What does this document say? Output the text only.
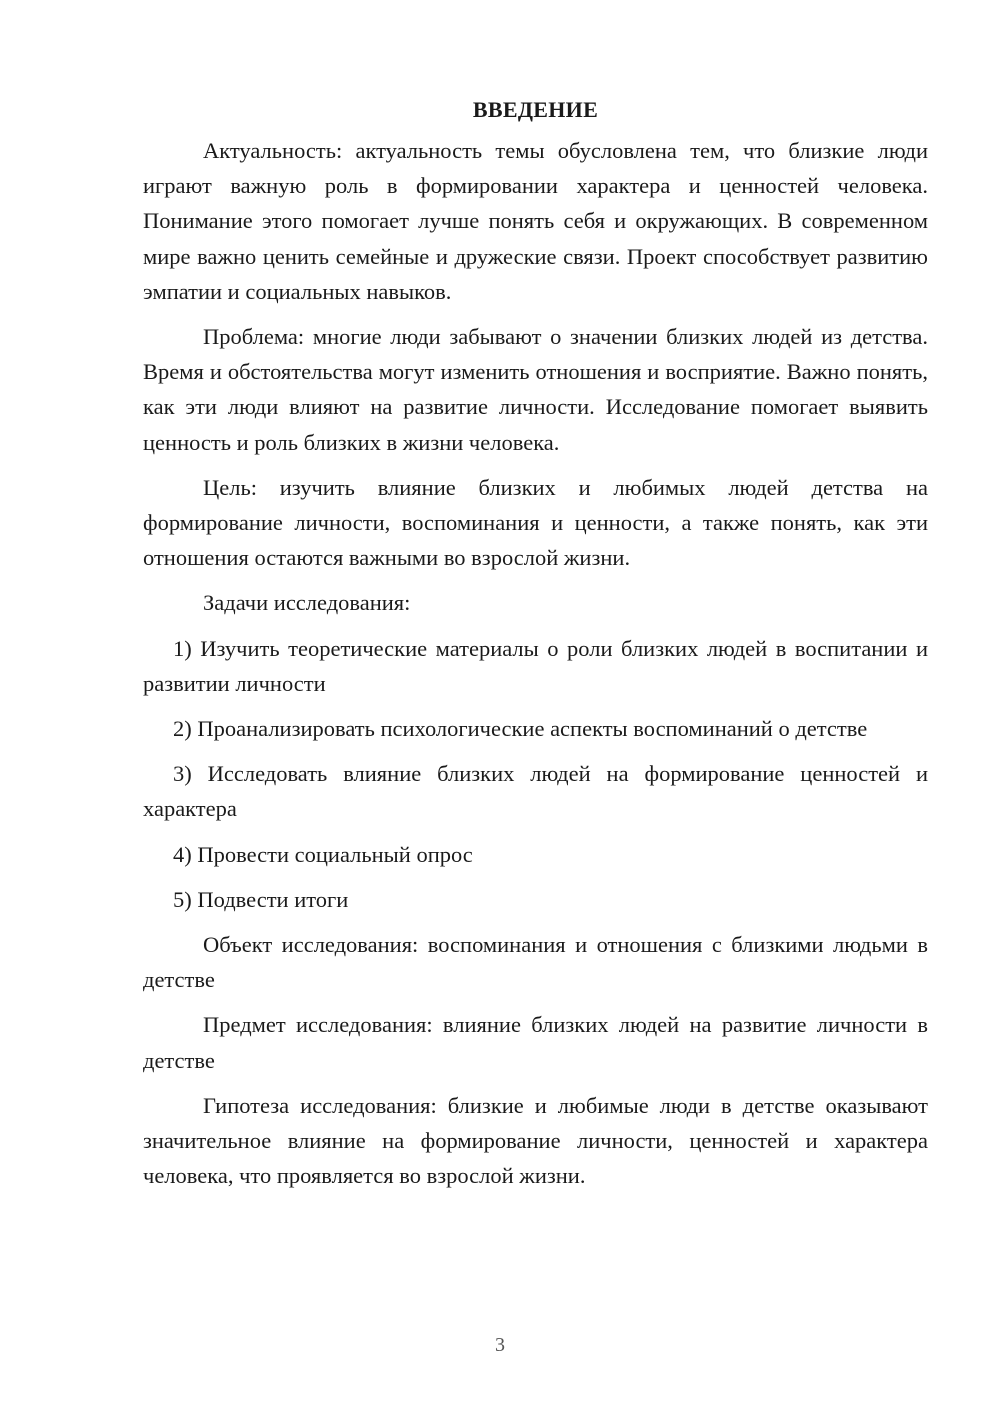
ВВЕДЕНИЕ

Актуальность: актуальность темы обусловлена тем, что близкие люди играют важную роль в формировании характера и ценностей человека. Понимание этого помогает лучше понять себя и окружающих. В современном мире важно ценить семейные и дружеские связи. Проект способствует развитию эмпатии и социальных навыков.

Проблема: многие люди забывают о значении близких людей из детства. Время и обстоятельства могут изменить отношения и восприятие. Важно понять, как эти люди влияют на развитие личности. Исследование помогает выявить ценность и роль близких в жизни человека.

Цель: изучить влияние близких и любимых людей детства на формирование личности, воспоминания и ценности, а также понять, как эти отношения остаются важными во взрослой жизни.

Задачи исследования:

1) Изучить теоретические материалы о роли близких людей в воспитании и развитии личности

2) Проанализировать психологические аспекты воспоминаний о детстве

3) Исследовать влияние близких людей на формирование ценностей и характера

4) Провести социальный опрос

5) Подвести итоги

Объект исследования: воспоминания и отношения с близкими людьми в детстве

Предмет исследования: влияние близких людей на развитие личности в детстве

Гипотеза исследования: близкие и любимые люди в детстве оказывают значительное влияние на формирование личности, ценностей и характера человека, что проявляется во взрослой жизни.

3
